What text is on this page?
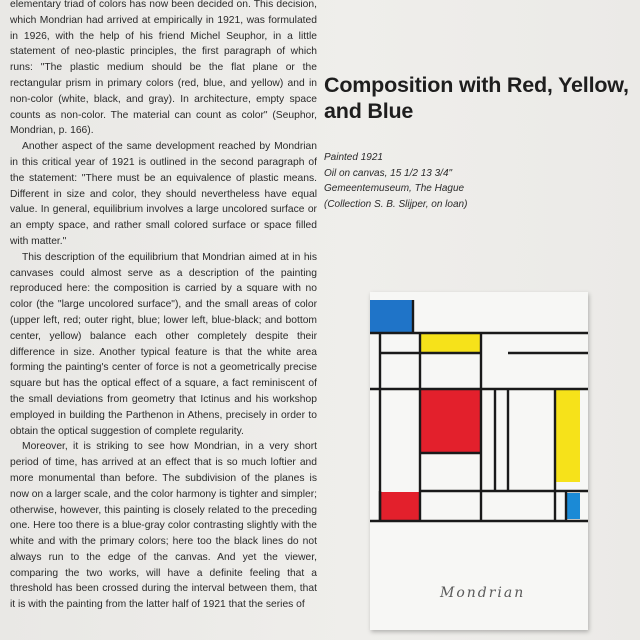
elementary triad of colors has now been decided on. This decision, which Mondrian had arrived at empirically in 1921, was formulated in 1926, with the help of his friend Michel Seuphor, in a little statement of neo-plastic principles, the first paragraph of which runs: "The plastic medium should be the flat plane or the rectangular prism in primary colors (red, blue, and yellow) and in non-color (white, black, and gray). In architecture, empty space counts as non-color. The material can count as color" (Seuphor, Mondrian, p. 166).

Another aspect of the same development reached by Mondrian in this critical year of 1921 is outlined in the second paragraph of the statement: "There must be an equivalence of plastic means. Different in size and color, they should nevertheless have equal value. In general, equilibrium involves a large uncolored surface or an empty space, and rather small colored surface or space filled with matter."

This description of the equilibrium that Mondrian aimed at in his canvases could almost serve as a description of the painting reproduced here: the composition is carried by a square with no color (the "large uncolored surface"), and the small areas of color (upper left, red; outer right, blue; lower left, blue-black; and bottom center, yellow) balance each other completely despite their difference in size. Another typical feature is that the white area forming the painting's center of force is not a geometrically precise square but has the optical effect of a square, a fact reminiscent of the small deviations from geometry that Ictinus and his workshop employed in building the Parthenon in Athens, precisely in order to obtain the optical suggestion of complete regularity.

Moreover, it is striking to see how Mondrian, in a very short period of time, has arrived at an effect that is so much loftier and more monumental than before. The subdivision of the planes is now on a larger scale, and the color harmony is tighter and simpler; otherwise, however, this painting is closely related to the preceding one. Here too there is a blue-gray color contrasting slightly with the white and with the primary colors; here too the black lines do not always run to the edge of the canvas. And yet the viewer, comparing the two works, will have a definite feeling that a threshold has been crossed during the interval between them, that it is with the painting from the latter half of 1921 that the series of

Composition with Red, Yellow, and Blue
Painted 1921
Oil on canvas, 15 1/2 13 3/4"
Gemeentemuseum, The Hague
(Collection S. B. Slijper, on loan)
Mondrian
